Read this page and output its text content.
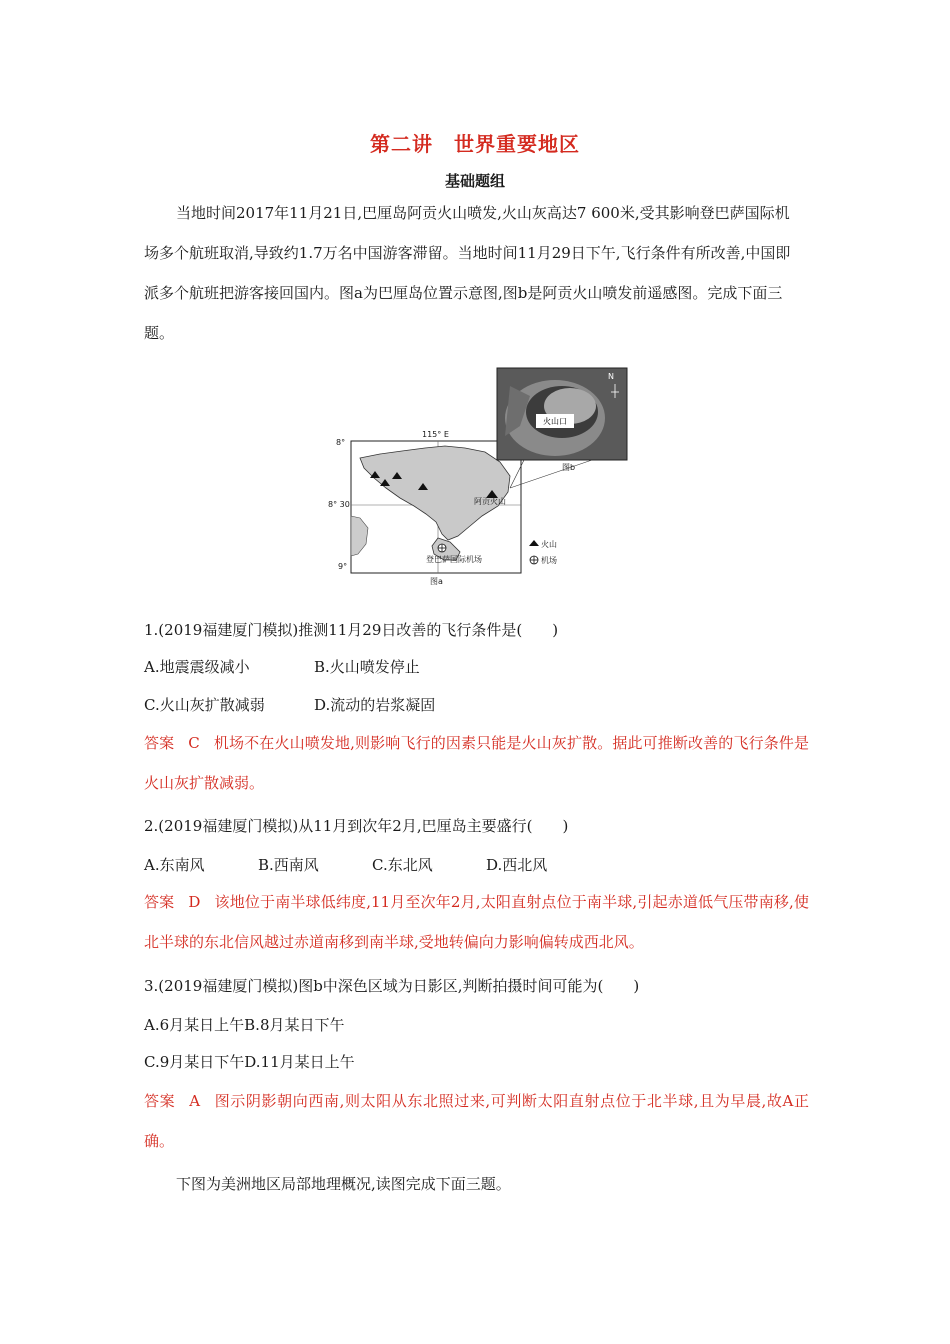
第二讲　世界重要地区
基础题组
当地时间2017年11月21日,巴厘岛阿贡火山喷发,火山灰高达7 600米,受其影响登巴萨国际机场多个航班取消,导致约1.7万名中国游客滞留。当地时间11月29日下午,飞行条件有所改善,中国即派多个航班把游客接回国内。图a为巴厘岛位置示意图,图b是阿贡火山喷发前遥感图。完成下面三题。
115° E
8°
8° 30'
9°
阿贡火山
登巴萨国际机场
火山
机场
图a
图b
火山口
N
1.(2019福建厦门模拟)推测11月29日改善的飞行条件是(　　)
A.地震震级减小	B.火山喷发停止
C.火山灰扩散减弱	D.流动的岩浆凝固
答案 C 机场不在火山喷发地,则影响飞行的因素只能是火山灰扩散。据此可推断改善的飞行条件是火山灰扩散减弱。
2.(2019福建厦门模拟)从11月到次年2月,巴厘岛主要盛行(　　)
A.东南风	B.西南风	C.东北风	D.西北风
答案 D 该地位于南半球低纬度,11月至次年2月,太阳直射点位于南半球,引起赤道低气压带南移,使北半球的东北信风越过赤道南移到南半球,受地转偏向力影响偏转成西北风。
3.(2019福建厦门模拟)图b中深色区域为日影区,判断拍摄时间可能为(　　)
A.6月某日上午B.8月某日下午
C.9月某日下午D.11月某日上午
答案 A 图示阴影朝向西南,则太阳从东北照过来,可判断太阳直射点位于北半球,且为早晨,故A正确。
下图为美洲地区局部地理概况,读图完成下面三题。
